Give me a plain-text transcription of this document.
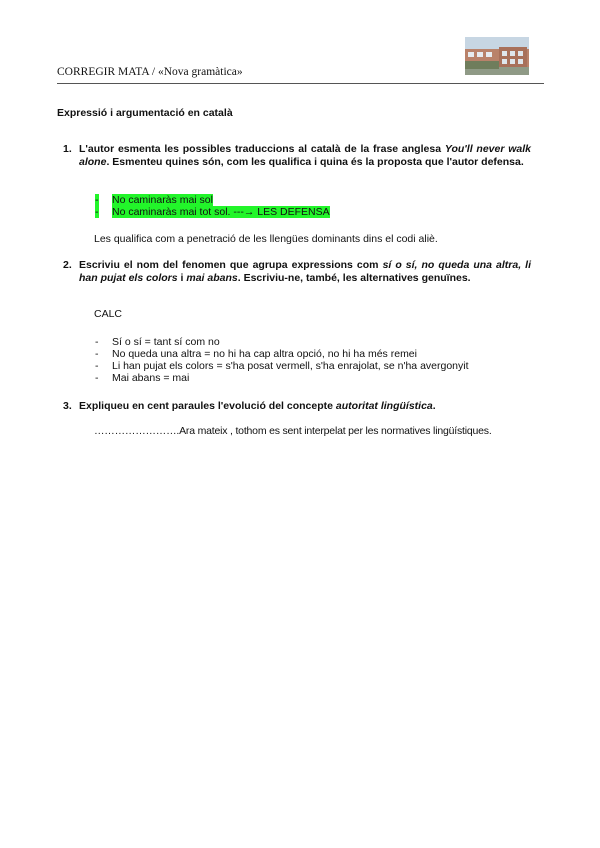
CORREGIR MATA / «Nova gramàtica»
Expressió i argumentació en català
1. L'autor esmenta les possibles traduccions al català de la frase anglesa You'll never walk alone. Esmenteu quines són, com les qualifica i quina és la proposta que l'autor defensa.
- No caminaràs mai sol
- No caminaràs mai tot sol. ---→ LES DEFENSA
Les qualifica com a penetració de les llengües dominants dins el codi aliè.
2. Escriviu el nom del fenomen que agrupa expressions com sí o sí, no queda una altra, li han pujat els colors i mai abans. Escriviu-ne, també, les alternatives genuïnes.
CALC
- Sí o sí = tant sí com no
- No queda una altra = no hi ha cap altra opció, no hi ha més remei
- Li han pujat els colors = s'ha posat vermell, s'ha enrajolat, se n'ha avergonyit
- Mai abans = mai
3. Expliqueu en cent paraules l'evolució del concepte autoritat lingüística.
…………………….Ara mateix , tothom es sent interpelat per les normatives lingüístiques.
